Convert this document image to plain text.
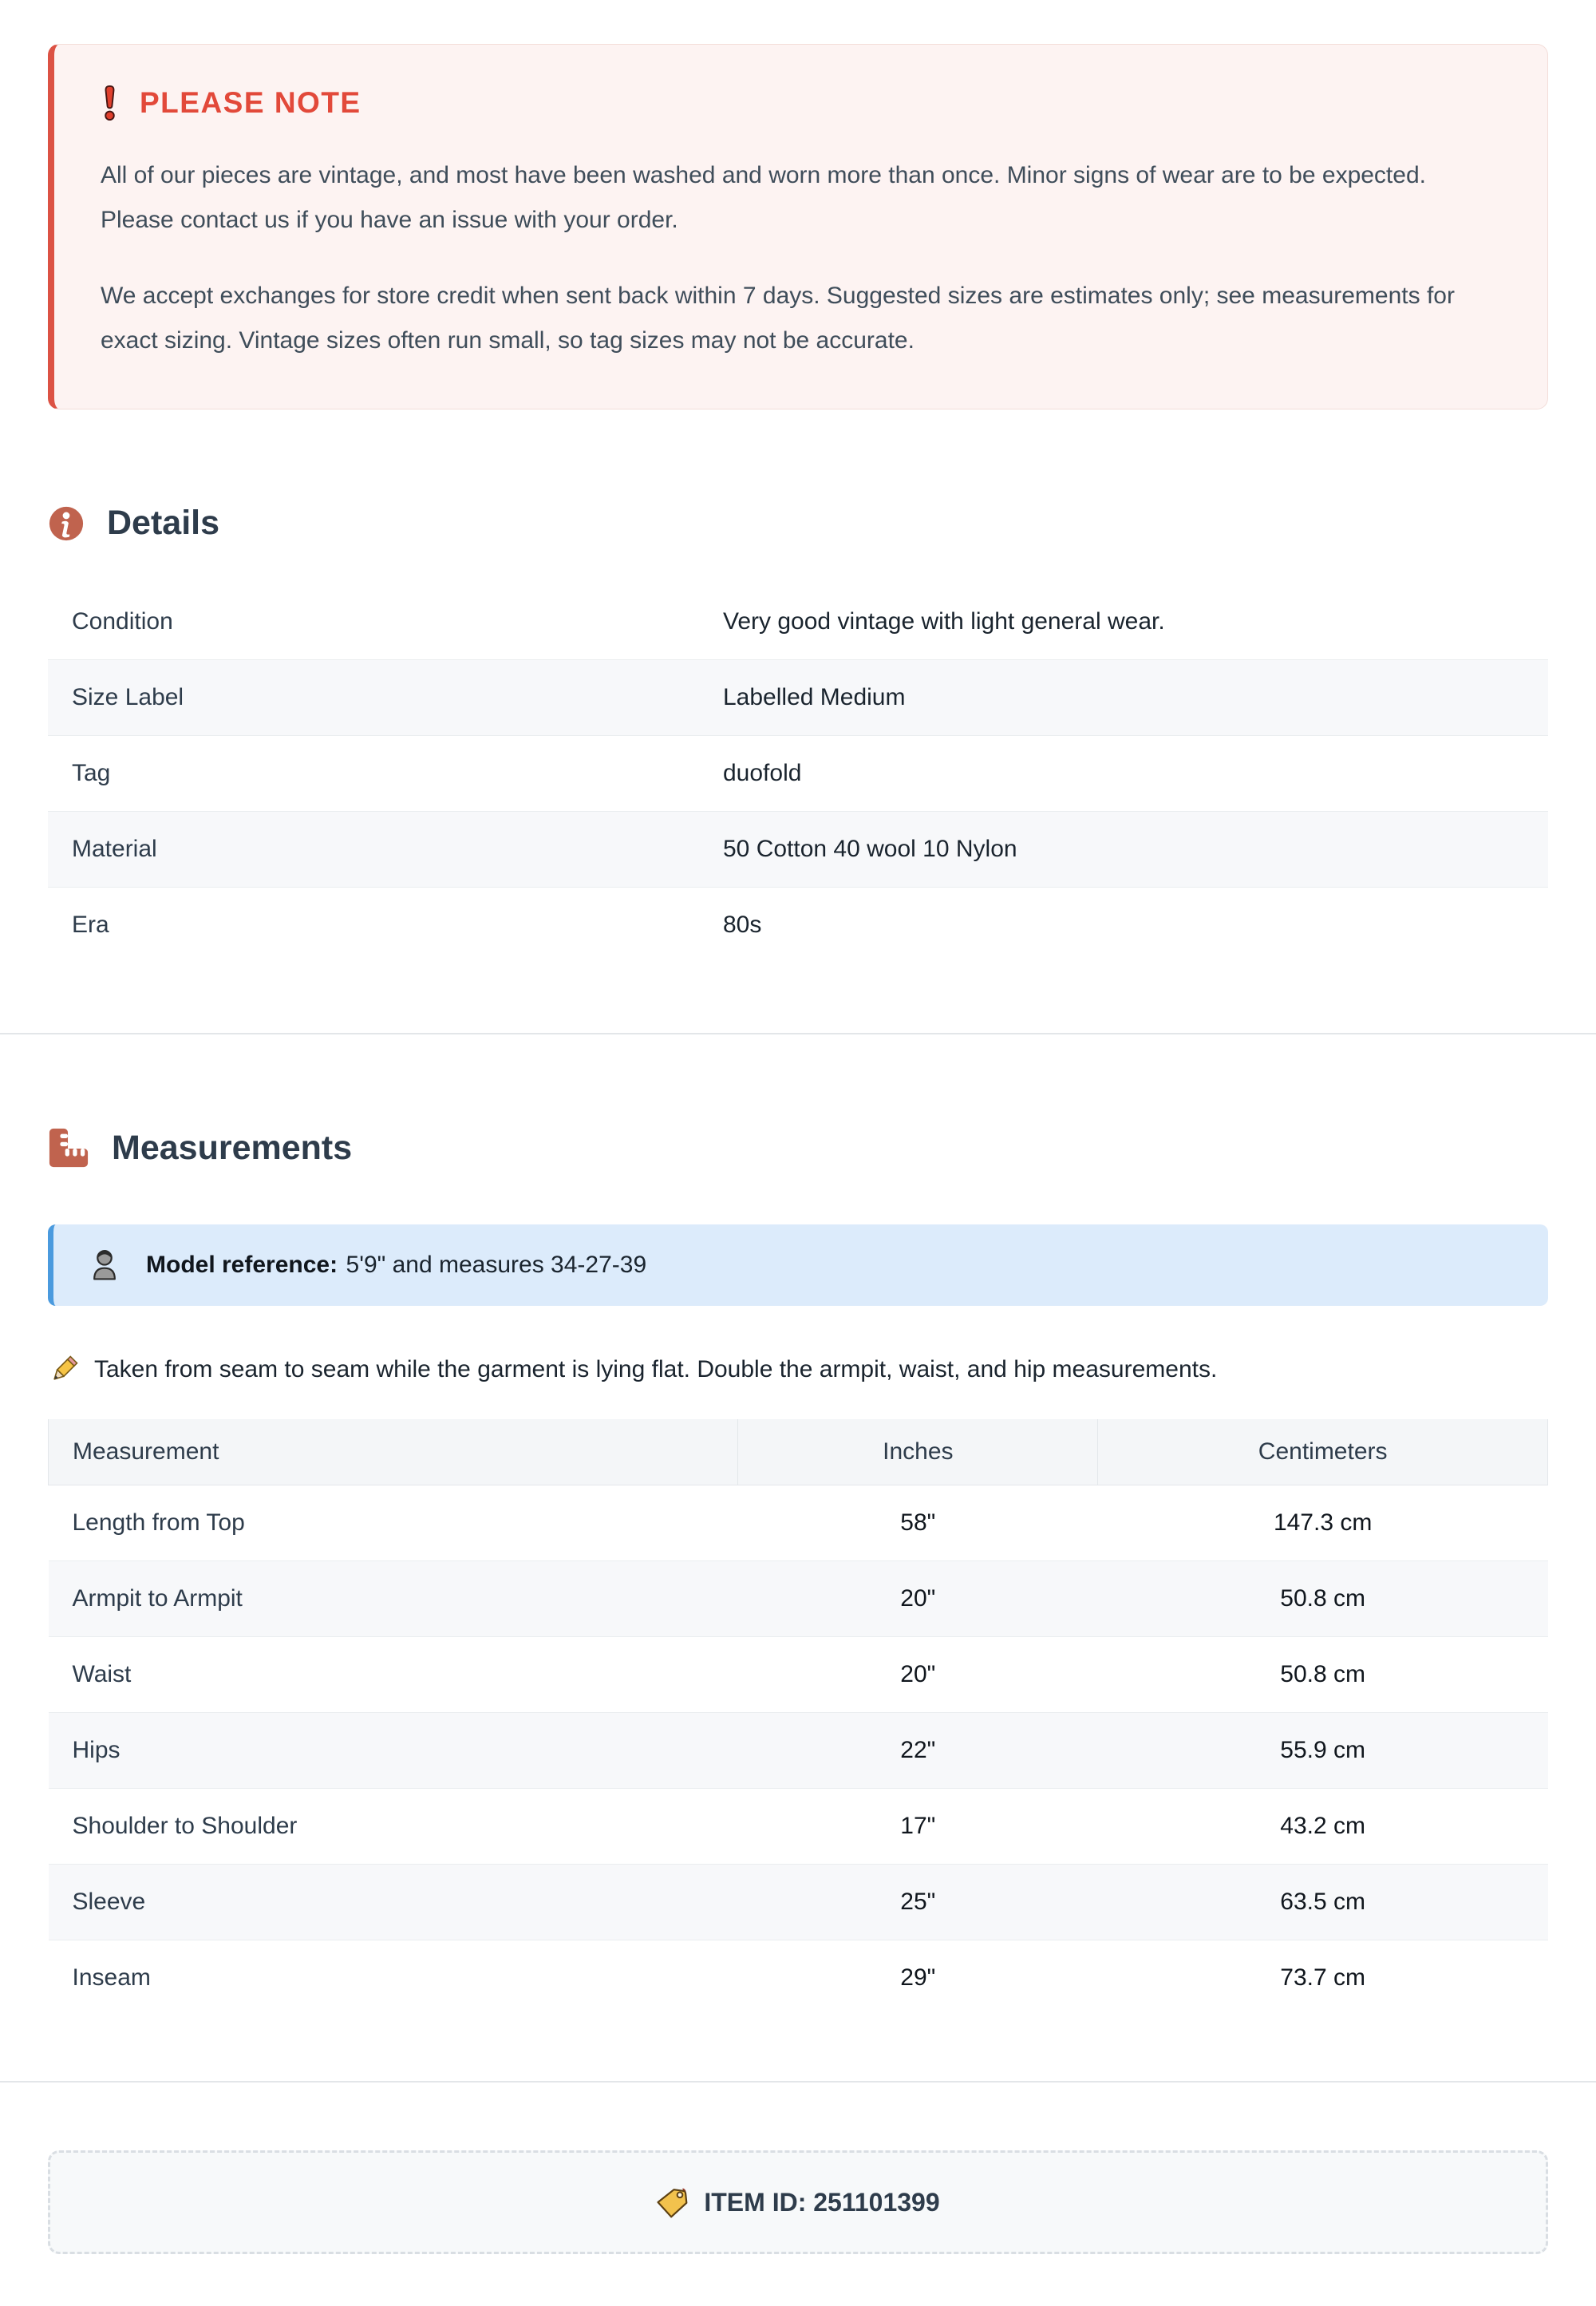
PLEASE NOTE

All of our pieces are vintage, and most have been washed and worn more than once. Minor signs of wear are to be expected. Please contact us if you have an issue with your order.

We accept exchanges for store credit when sent back within 7 days. Suggested sizes are estimates only; see measurements for exact sizing. Vintage sizes often run small, so tag sizes may not be accurate.

Details
Condition	Very good vintage with light general wear.
Size Label	Labelled Medium
Tag	duofold
Material	50 Cotton 40 wool 10 Nylon
Era	80s
Measurements
Model reference: 5'9" and measures 34-27-39
Taken from seam to seam while the garment is lying flat. Double the armpit, waist, and hip measurements.
Measurement	Inches	Centimeters
Length from Top	58"	147.3 cm
Armpit to Armpit	20"	50.8 cm
Waist	20"	50.8 cm
Hips	22"	55.9 cm
Shoulder to Shoulder	17"	43.2 cm
Sleeve	25"	63.5 cm
Inseam	29"	73.7 cm
ITEM ID: 251101399
